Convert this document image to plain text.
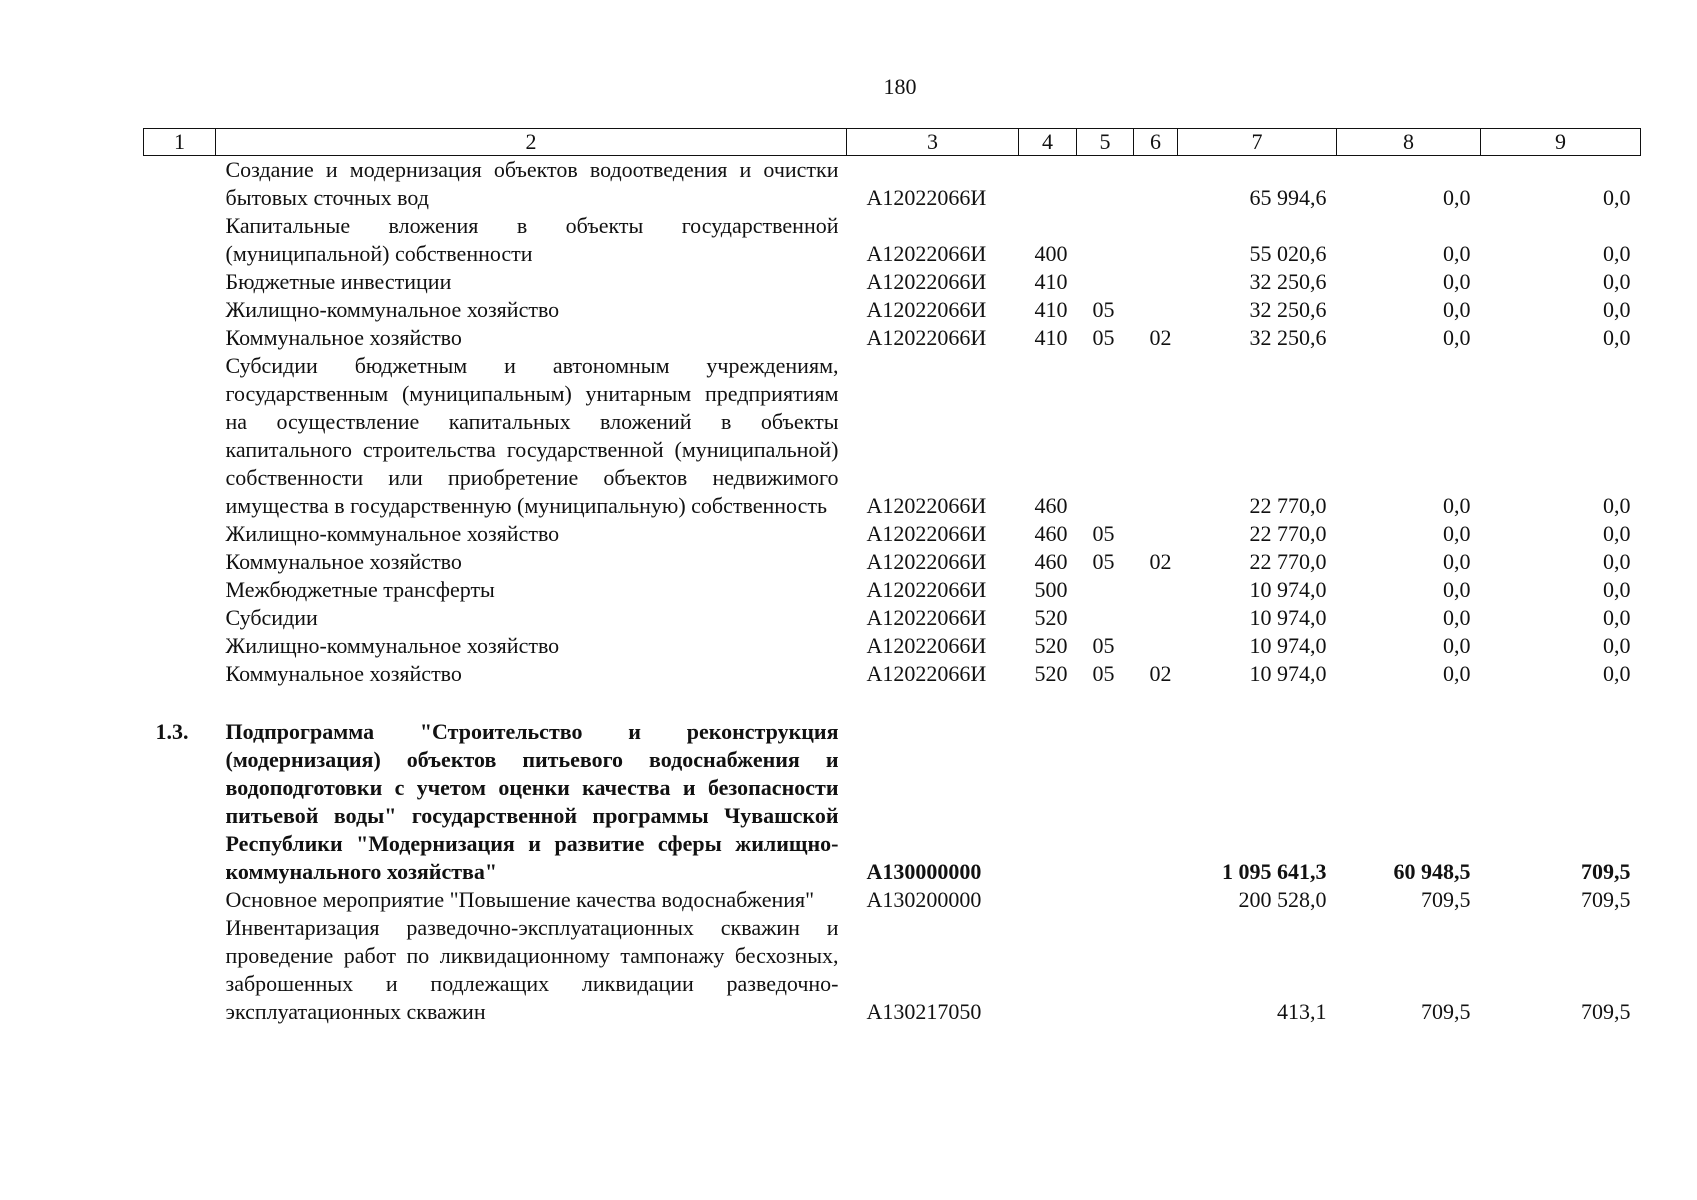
180
1	2	3	4	5	6	7	8	9
	Создание и модернизация объектов водоотведения и очистки бытовых сточных вод	А12022066И				65 994,6	0,0	0,0
	Капитальные вложения в объекты государственной (муниципальной) собственности	А12022066И	400			55 020,6	0,0	0,0
	Бюджетные инвестиции	А12022066И	410			32 250,6	0,0	0,0
	Жилищно-коммунальное хозяйство	А12022066И	410	05		32 250,6	0,0	0,0
	Коммунальное хозяйство	А12022066И	410	05	02	32 250,6	0,0	0,0
	Субсидии бюджетным и автономным учреждениям, государственным (муниципальным) унитарным предприятиям на осуществление капитальных вложений в объекты капитального строительства государственной (муниципальной) собственности или приобретение объектов недвижимого имущества в государственную (муниципальную) собственность	А12022066И	460			22 770,0	0,0	0,0
	Жилищно-коммунальное хозяйство	А12022066И	460	05		22 770,0	0,0	0,0
	Коммунальное хозяйство	А12022066И	460	05	02	22 770,0	0,0	0,0
	Межбюджетные трансферты	А12022066И	500			10 974,0	0,0	0,0
	Субсидии	А12022066И	520			10 974,0	0,0	0,0
	Жилищно-коммунальное хозяйство	А12022066И	520	05		10 974,0	0,0	0,0
	Коммунальное хозяйство	А12022066И	520	05	02	10 974,0	0,0	0,0

1.3.	Подпрограмма "Строительство и реконструкция (модернизация) объектов питьевого водоснабжения и водоподготовки с учетом оценки качества и безопасности питьевой воды" государственной программы Чувашской Республики "Модернизация и развитие сферы жилищно-коммунального хозяйства"	А130000000				1 095 641,3	60 948,5	709,5
	Основное мероприятие "Повышение качества водоснабжения"	А130200000				200 528,0	709,5	709,5
	Инвентаризация разведочно-эксплуатационных скважин и проведение работ по ликвидационному тампонажу бесхозных, заброшенных и подлежащих ликвидации разведочно-эксплуатационных скважин	А130217050				413,1	709,5	709,5
